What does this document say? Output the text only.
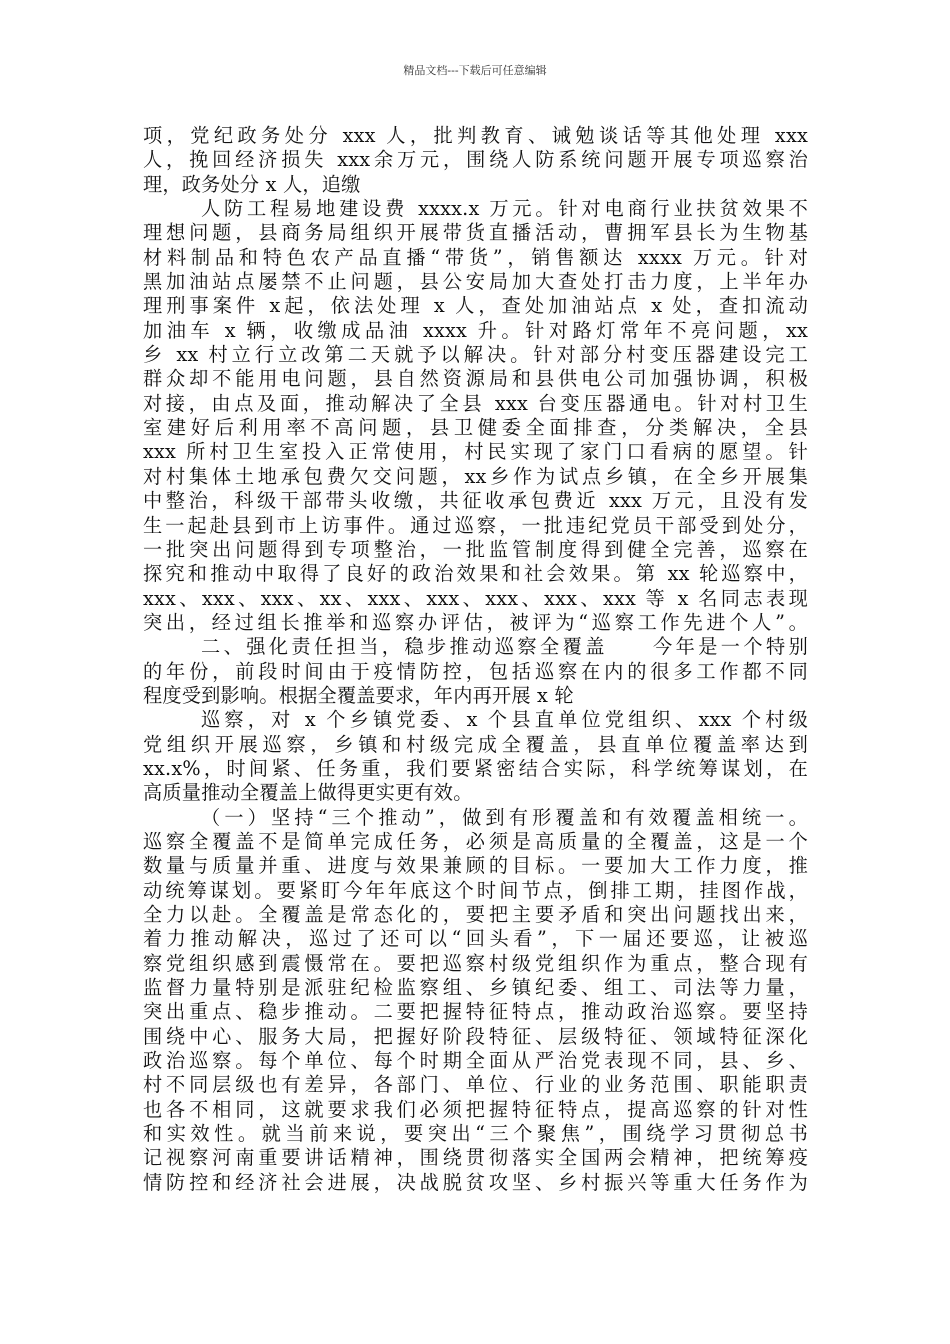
精品文档---下载后可任意编辑
项，党纪政务处分 xxx 人，批判教育、诫勉谈话等其他处理 xxx
人，挽回经济损失 xxx余万元，围绕人防系统问题开展专项巡察治
理，政务处分 x 人，追缴
人防工程易地建设费 xxxx.x 万元。针对电商行业扶贫效果不
理想问题，县商务局组织开展带货直播活动，曹拥军县长为生物基
材料制品和特色农产品直播“带货”，销售额达 xxxx 万元。针对
黑加油站点屡禁不止问题，县公安局加大查处打击力度，上半年办
理刑事案件 x起，依法处理 x 人，查处加油站点 x 处，查扣流动
加油车 x 辆，收缴成品油 xxxx 升。针对路灯常年不亮问题，xx
乡 xx 村立行立改第二天就予以解决。针对部分村变压器建设完工
群众却不能用电问题，县自然资源局和县供电公司加强协调，积极
对接，由点及面，推动解决了全县 xxx 台变压器通电。针对村卫生
室建好后利用率不高问题，县卫健委全面排查，分类解决，全县
xxx 所村卫生室投入正常使用，村民实现了家门口看病的愿望。针
对村集体土地承包费欠交问题，xx乡作为试点乡镇，在全乡开展集
中整治，科级干部带头收缴，共征收承包费近 xxx 万元，且没有发
生一起赴县到市上访事件。通过巡察，一批违纪党员干部受到处分，
一批突出问题得到专项整治，一批监管制度得到健全完善，巡察在
探究和推动中取得了良好的政治效果和社会效果。第 xx 轮巡察中，
xxx、xxx、xxx、xx、xxx、xxx、xxx、xxx、xxx 等 x 名同志表现
突出，经过组长推举和巡察办评估，被评为“巡察工作先进个人”。
二、强化责任担当，稳步推动巡察全覆盖　　今年是一个特别
的年份，前段时间由于疫情防控，包括巡察在内的很多工作都不同
程度受到影响。根据全覆盖要求，年内再开展 x 轮
巡察，对 x 个乡镇党委、x 个县直单位党组织、xxx 个村级
党组织开展巡察，乡镇和村级完成全覆盖，县直单位覆盖率达到
xx.x%，时间紧、任务重，我们要紧密结合实际，科学统筹谋划，在
高质量推动全覆盖上做得更实更有效。
（一）坚持“三个推动”，做到有形覆盖和有效覆盖相统一。
巡察全覆盖不是简单完成任务，必须是高质量的全覆盖，这是一个
数量与质量并重、进度与效果兼顾的目标。一要加大工作力度，推
动统筹谋划。要紧盯今年年底这个时间节点，倒排工期，挂图作战，
全力以赴。全覆盖是常态化的，要把主要矛盾和突出问题找出来，
着力推动解决，巡过了还可以“回头看”，下一届还要巡，让被巡
察党组织感到震慑常在。要把巡察村级党组织作为重点，整合现有
监督力量特别是派驻纪检监察组、乡镇纪委、组工、司法等力量，
突出重点、稳步推动。二要把握特征特点，推动政治巡察。要坚持
围绕中心、服务大局，把握好阶段特征、层级特征、领域特征深化
政治巡察。每个单位、每个时期全面从严治党表现不同，县、乡、
村不同层级也有差异，各部门、单位、行业的业务范围、职能职责
也各不相同，这就要求我们必须把握特征特点，提高巡察的针对性
和实效性。就当前来说，要突出“三个聚焦”，围绕学习贯彻总书
记视察河南重要讲话精神，围绕贯彻落实全国两会精神，把统筹疫
情防控和经济社会进展，决战脱贫攻坚、乡村振兴等重大任务作为
